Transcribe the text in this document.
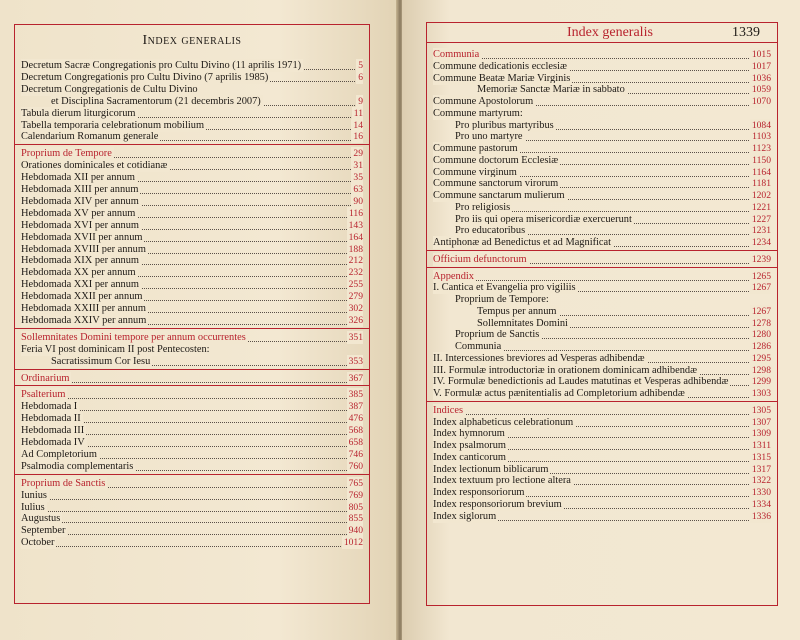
Index generalis
Decretum Sacræ Congregationis pro Cultu Divino (11 aprilis 1971)	5
Decretum Congregationis pro Cultu Divino (7 aprilis 1985)	6
Decretum Congregationis de Cultu Divino
et Disciplina Sacramentorum (21 decembris 2007)	9
Tabula dierum liturgicorum	11
Tabella temporaria celebrationum mobilium	14
Calendarium Romanum generale	16
Proprium de Tempore	29
Orationes dominicales et cotidianæ	31
Hebdomada XII per annum	35
Hebdomada XIII per annum	63
Hebdomada XIV per annum	90
Hebdomada XV per annum	116
Hebdomada XVI per annum	143
Hebdomada XVII per annum	164
Hebdomada XVIII per annum	188
Hebdomada XIX per annum	212
Hebdomada XX per annum	232
Hebdomada XXI per annum	255
Hebdomada XXII per annum	279
Hebdomada XXIII per annum	302
Hebdomada XXIV per annum	326
Sollemnitates Domini tempore per annum occurrentes	351
Feria VI post dominicam II post Pentecosten:
Sacratissimum Cor Iesu	353
Ordinarium	367
Psalterium	385
Hebdomada I	387
Hebdomada II	476
Hebdomada III	568
Hebdomada IV	658
Ad Completorium	746
Psalmodia complementaris	760
Proprium de Sanctis	765
Iunius	769
Iulius	805
Augustus	855
September	940
October	1012
Index generalis	1339
Communia	1015
Commune dedicationis ecclesiæ	1017
Commune Beatæ Mariæ Virginis	1036
Memoriæ Sanctæ Mariæ in sabbato	1059
Commune Apostolorum	1070
Commune martyrum:
Pro pluribus martyribus	1084
Pro uno martyre	1103
Commune pastorum	1123
Commune doctorum Ecclesiæ	1150
Commune virginum	1164
Commune sanctorum virorum	1181
Commune sanctarum mulierum	1202
Pro religiosis	1221
Pro iis qui opera misericordiæ exercuerunt	1227
Pro educatoribus	1231
Antiphonæ ad Benedictus et ad Magnificat	1234
Officium defunctorum	1239
Appendix	1265
I. Cantica et Evangelia pro vigiliis	1267
Proprium de Tempore:
Tempus per annum	1267
Sollemnitates Domini	1278
Proprium de Sanctis	1280
Communia	1286
II. Intercessiones breviores ad Vesperas adhibendæ	1295
III. Formulæ introductoriæ in orationem dominicam adhibendæ	1298
IV. Formulæ benedictionis ad Laudes matutinas et Vesperas adhibendæ 1299
V. Formulæ actus pænitentialis ad Completorium adhibendæ	1303
Indices	1305
Index alphabeticus celebrationum	1307
Index hymnorum	1309
Index psalmorum	1311
Index canticorum	1315
Index lectionum biblicarum	1317
Index textuum pro lectione altera	1322
Index responsoriorum	1330
Index responsoriorum brevium	1334
Index siglorum	1336
